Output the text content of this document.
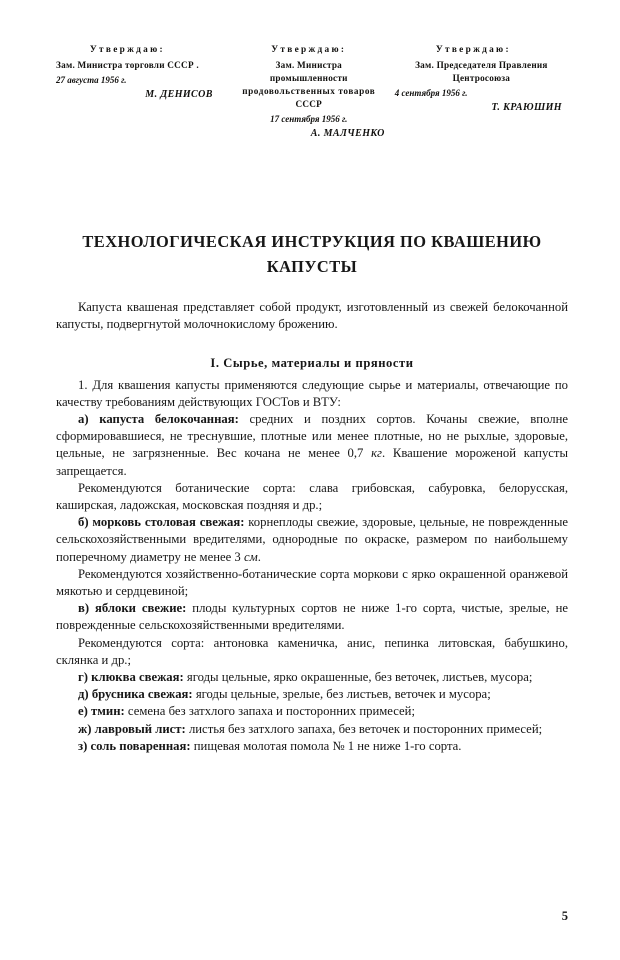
Утверждаю:
Зам. Министра торговли СССР .
27 августа 1956 г.
М. ДЕНИСОВ
Утверждаю:
Зам. Министра
промышленности
продовольственных товаров
СССР
17 сентября 1956 г.
А. МАЛЧЕНКО
Утверждаю:
Зам. Председателя Правления
Центросоюза
4 сентября 1956 г.
Т. КРАЮШИН
ТЕХНОЛОГИЧЕСКАЯ ИНСТРУКЦИЯ ПО КВАШЕНИЮ
КАПУСТЫ

Капуста квашеная представляет собой продукт, изготовленный из свежей белокочанной капусты, подвергнутой молочнокислому брожению.

I. Сырье, материалы и пряности

1. Для квашения капусты применяются следующие сырье и материалы, отвечающие по качеству требованиям действующих ГОСТов и ВТУ:

а) капуста белокочанная: средних и поздних сортов. Кочаны свежие, вполне сформировавшиеся, не треснувшие, плотные или менее плотные, но не рыхлые, здоровые, цельные, не загрязненные. Вес кочана не менее 0,7 кг. Квашение мороженой капусты запрещается.

Рекомендуются ботанические сорта: слава грибовская, сабуровка, белорусская, каширская, ладожская, московская поздняя и др.;

б) морковь столовая свежая: корнеплоды свежие, здоровые, цельные, не поврежденные сельскохозяйственными вредителями, однородные по окраске, размером по наибольшему поперечному диаметру не менее 3 см.

Рекомендуются хозяйственно-ботанические сорта моркови с ярко окрашенной оранжевой мякотью и сердцевиной;

в) яблоки свежие: плоды культурных сортов не ниже 1-го сорта, чистые, зрелые, не поврежденные сельскохозяйственными вредителями.

Рекомендуются сорта: антоновка каменичка, анис, пепинка литовская, бабушкино, склянка и др.;

г) клюква свежая: ягоды цельные, ярко окрашенные, без веточек, листьев, мусора;

д) брусника свежая: ягоды цельные, зрелые, без листьев, веточек и мусора;

е) тмин: семена без затхлого запаха и посторонних примесей;

ж) лавровый лист: листья без затхлого запаха, без веточек и посторонних примесей;

з) соль поваренная: пищевая молотая помола № 1 не ниже 1-го сорта.

5
